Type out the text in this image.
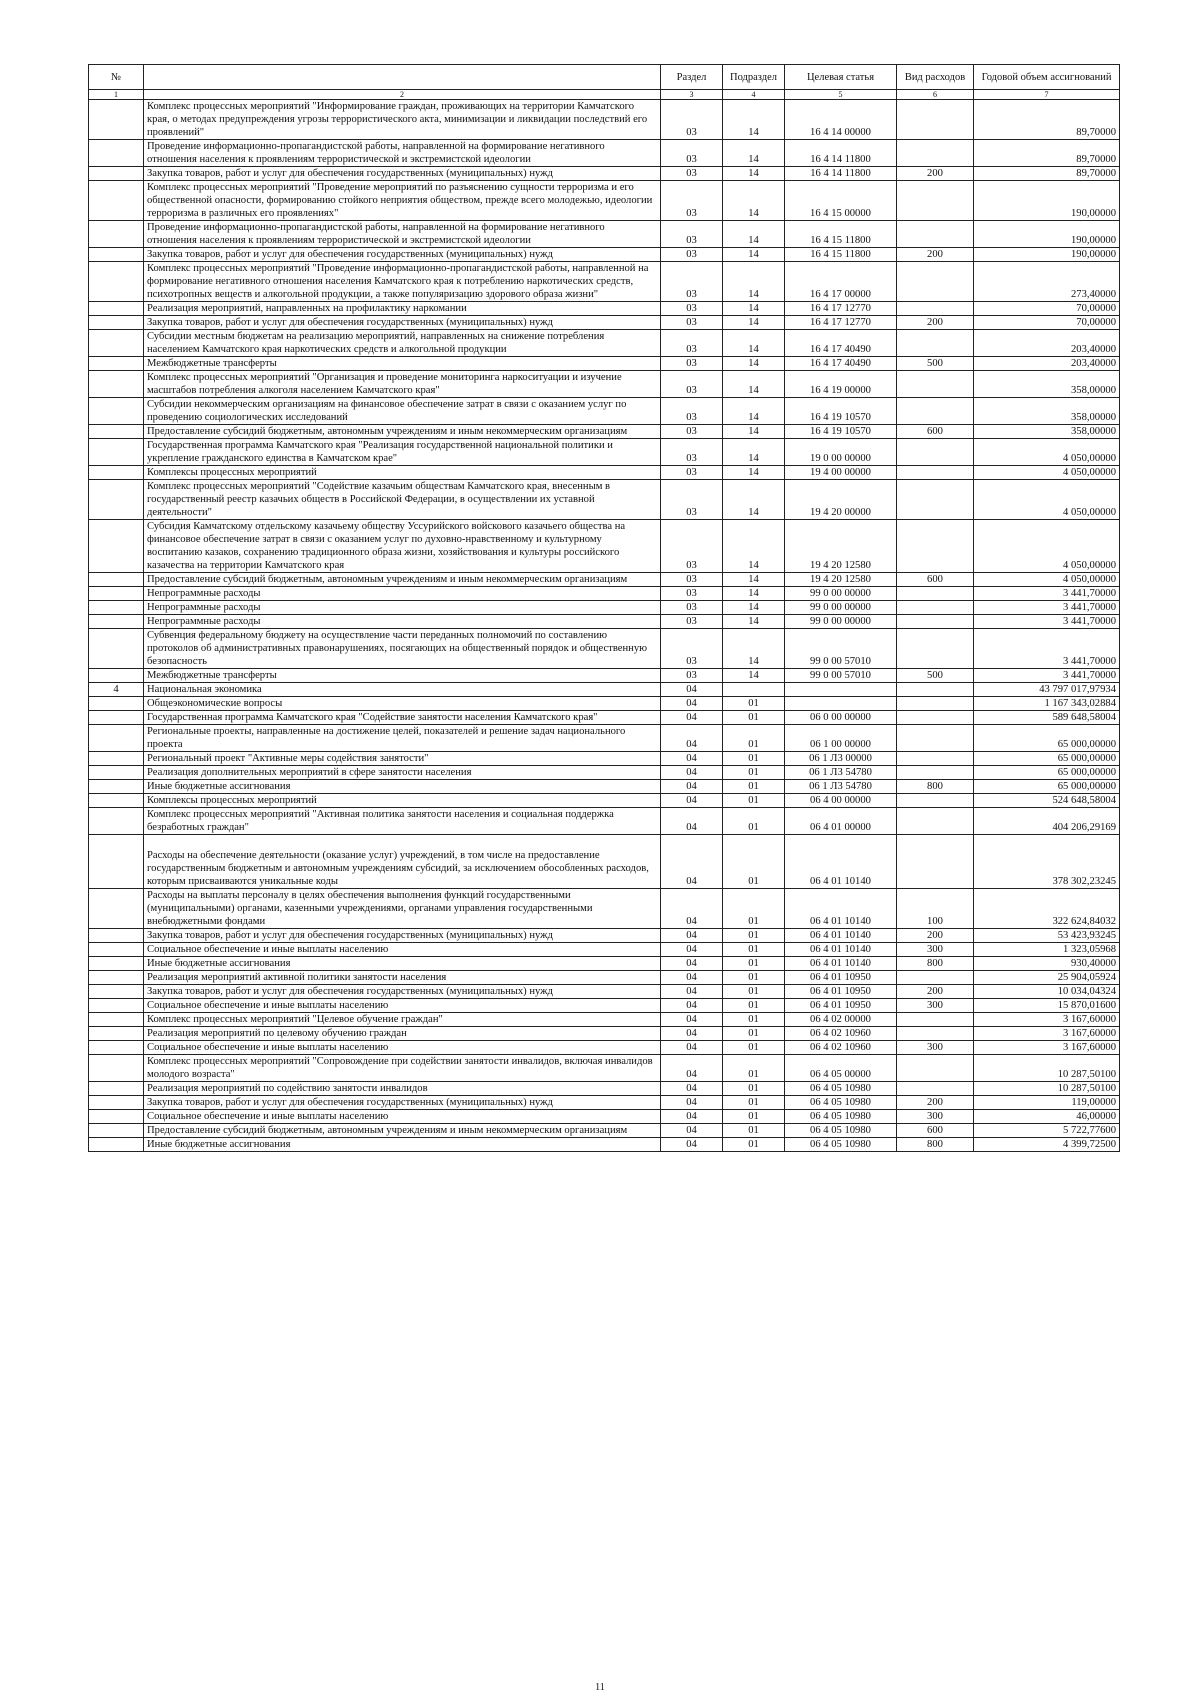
№		Раздел	Подраздел	Целевая статья	Вид расходов	Годовой объем ассигнований
1	2	3	4	5	6	7
	Комплекс процессных мероприятий "Информирование граждан, проживающих на территории Камчатского края, о методах предупреждения угрозы террористического акта, минимизации и ликвидации последствий его проявлений"	03	14	16 4 14 00000		89,70000
	Проведение информационно-пропагандистской работы, направленной на формирование негативного отношения населения к проявлениям террористической и экстремистской идеологии	03	14	16 4 14 11800		89,70000
	Закупка товаров, работ и услуг для обеспечения государственных (муниципальных) нужд	03	14	16 4 14 11800	200	89,70000
	Комплекс процессных мероприятий "Проведение мероприятий по разъяснению сущности терроризма и его общественной опасности, формированию стойкого неприятия обществом, прежде всего молодежью, идеологии терроризма в различных его проявлениях"	03	14	16 4 15 00000		190,00000
	Проведение информационно-пропагандистской работы, направленной на формирование негативного отношения населения к проявлениям террористической и экстремистской идеологии	03	14	16 4 15 11800		190,00000
	Закупка товаров, работ и услуг для обеспечения государственных (муниципальных) нужд	03	14	16 4 15 11800	200	190,00000
	Комплекс процессных мероприятий "Проведение информационно-пропагандистской работы, направленной на формирование негативного отношения населения Камчатского края к потреблению наркотических средств, психотропных веществ и алкогольной продукции, а также популяризацию здорового образа жизни"	03	14	16 4 17 00000		273,40000
	Реализация мероприятий, направленных на профилактику наркомании	03	14	16 4 17 12770		70,00000
	Закупка товаров, работ и услуг для обеспечения государственных (муниципальных) нужд	03	14	16 4 17 12770	200	70,00000
	Субсидии местным бюджетам на реализацию мероприятий, направленных на снижение потребления населением Камчатского края наркотических средств и алкогольной продукции	03	14	16 4 17 40490		203,40000
	Межбюджетные трансферты	03	14	16 4 17 40490	500	203,40000
	Комплекс процессных мероприятий "Организация и проведение мониторинга наркоситуации и изучение масштабов потребления алкоголя населением Камчатского края"	03	14	16 4 19 00000		358,00000
	Субсидии некоммерческим организациям на финансовое обеспечение затрат в связи с оказанием услуг по проведению социологических исследований	03	14	16 4 19 10570		358,00000
	Предоставление субсидий бюджетным, автономным учреждениям и иным некоммерческим организациям	03	14	16 4 19 10570	600	358,00000
	Государственная программа Камчатского края "Реализация государственной национальной политики и укрепление гражданского единства в Камчатском крае"	03	14	19 0 00 00000		4 050,00000
	Комплексы процессных мероприятий	03	14	19 4 00 00000		4 050,00000
	Комплекс процессных мероприятий "Содействие казачьим обществам Камчатского края, внесенным в государственный реестр казачьих обществ в Российской Федерации, в осуществлении их уставной деятельности"	03	14	19 4 20 00000		4 050,00000
	Субсидия Камчатскому отдельскому казачьему обществу Уссурийского войскового казачьего общества на финансовое обеспечение затрат в связи с оказанием услуг по духовно-нравственному и культурному воспитанию казаков, сохранению традиционного образа жизни, хозяйствования и культуры российского казачества на территории Камчатского края	03	14	19 4 20 12580		4 050,00000
	Предоставление субсидий бюджетным, автономным учреждениям и иным некоммерческим организациям	03	14	19 4 20 12580	600	4 050,00000
	Непрограммные расходы	03	14	99 0 00 00000		3 441,70000
	Непрограммные расходы	03	14	99 0 00 00000		3 441,70000
	Непрограммные расходы	03	14	99 0 00 00000		3 441,70000
	Субвенция федеральному бюджету на осуществление части переданных полномочий по составлению протоколов об административных правонарушениях, посягающих на общественный порядок и общественную безопасность	03	14	99 0 00 57010		3 441,70000
	Межбюджетные трансферты	03	14	99 0 00 57010	500	3 441,70000
4	Национальная экономика	04				43 797 017,97934
	Общеэкономические вопросы	04	01			1 167 343,02884
	Государственная программа Камчатского края "Содействие занятости населения Камчатского края"	04	01	06 0 00 00000		589 648,58004
	Региональные проекты, направленные на достижение целей, показателей и решение задач национального проекта	04	01	06 1 00 00000		65 000,00000
	Региональный проект "Активные меры содействия занятости"	04	01	06 1 Л3 00000		65 000,00000
	Реализация дополнительных мероприятий в сфере занятости населения	04	01	06 1 Л3 54780		65 000,00000
	Иные бюджетные ассигнования	04	01	06 1 Л3 54780	800	65 000,00000
	Комплексы процессных мероприятий	04	01	06 4 00 00000		524 648,58004
	Комплекс процессных мероприятий "Активная политика занятости населения и социальная поддержка безработных граждан"	04	01	06 4 01 00000		404 206,29169
	Расходы на обеспечение деятельности (оказание услуг) учреждений, в том числе на предоставление государственным бюджетным и автономным учреждениям субсидий, за исключением обособленных расходов, которым присваиваются уникальные коды	04	01	06 4 01 10140		378 302,23245
	Расходы на выплаты персоналу в целях обеспечения выполнения функций государственными (муниципальными) органами, казенными учреждениями, органами управления государственными внебюджетными фондами	04	01	06 4 01 10140	100	322 624,84032
	Закупка товаров, работ и услуг для обеспечения государственных (муниципальных) нужд	04	01	06 4 01 10140	200	53 423,93245
	Социальное обеспечение и иные выплаты населению	04	01	06 4 01 10140	300	1 323,05968
	Иные бюджетные ассигнования	04	01	06 4 01 10140	800	930,40000
	Реализация мероприятий активной политики занятости населения	04	01	06 4 01 10950		25 904,05924
	Закупка товаров, работ и услуг для обеспечения государственных (муниципальных) нужд	04	01	06 4 01 10950	200	10 034,04324
	Социальное обеспечение и иные выплаты населению	04	01	06 4 01 10950	300	15 870,01600
	Комплекс процессных мероприятий "Целевое обучение граждан"	04	01	06 4 02 00000		3 167,60000
	Реализация мероприятий по целевому обучению граждан	04	01	06 4 02 10960		3 167,60000
	Социальное обеспечение и иные выплаты населению	04	01	06 4 02 10960	300	3 167,60000
	Комплекс процессных мероприятий "Сопровождение при содействии занятости инвалидов, включая инвалидов молодого возраста"	04	01	06 4 05 00000		10 287,50100
	Реализация мероприятий по содействию занятости инвалидов	04	01	06 4 05 10980		10 287,50100
	Закупка товаров, работ и услуг для обеспечения государственных (муниципальных) нужд	04	01	06 4 05 10980	200	119,00000
	Социальное обеспечение и иные выплаты населению	04	01	06 4 05 10980	300	46,00000
	Предоставление субсидий бюджетным, автономным учреждениям и иным некоммерческим организациям	04	01	06 4 05 10980	600	5 722,77600
	Иные бюджетные ассигнования	04	01	06 4 05 10980	800	4 399,72500
11
